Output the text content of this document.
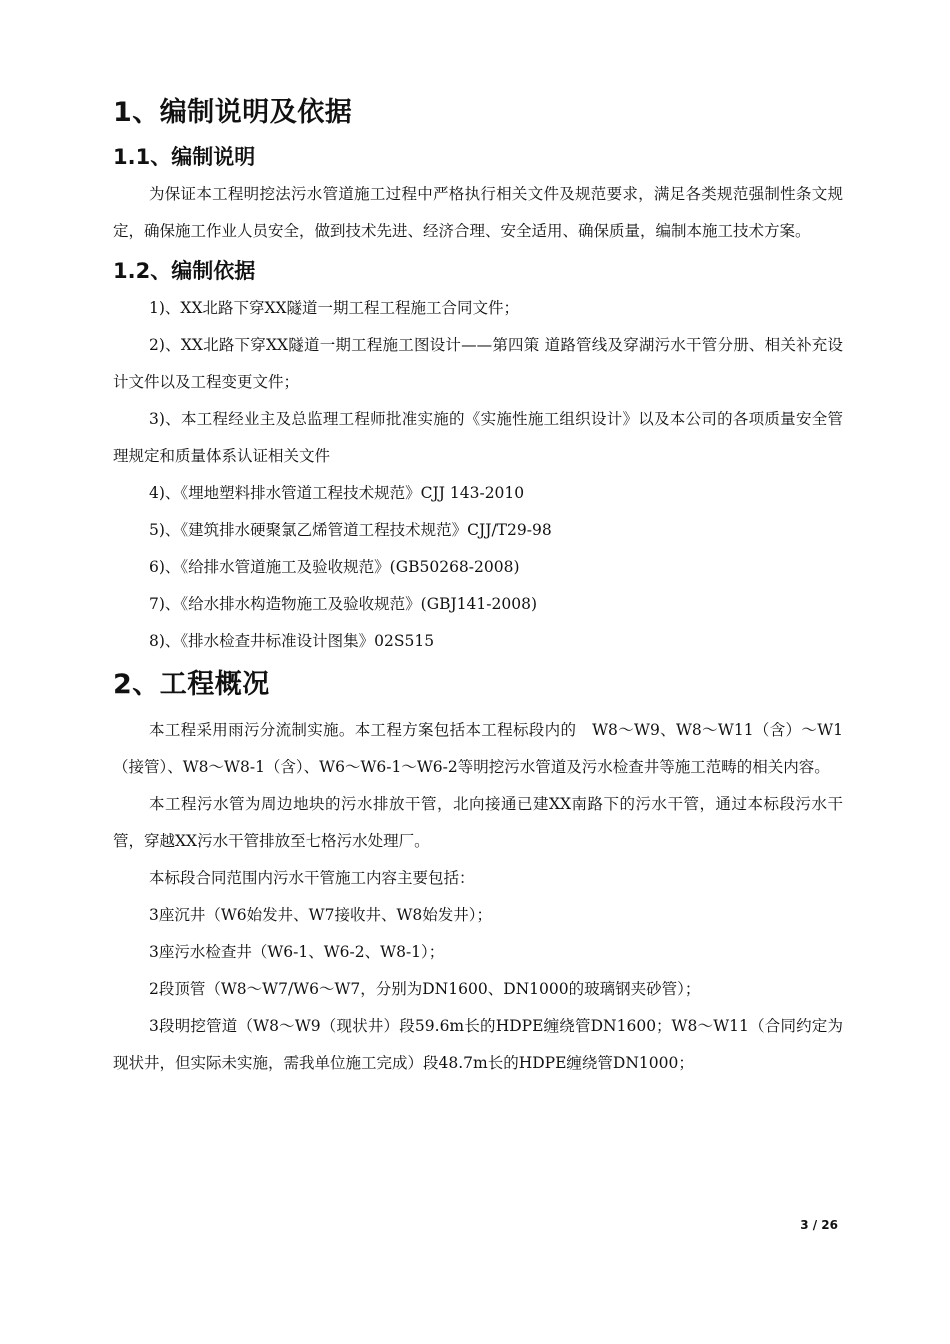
1、编制说明及依据
1.1、编制说明

为保证本工程明挖法污水管道施工过程中严格执行相关文件及规范要求，满足各类规范强制性条文规定，确保施工作业人员安全，做到技术先进、经济合理、安全适用、确保质量，编制本施工技术方案。

1.2、编制依据

1)、XX北路下穿XX隧道一期工程工程施工合同文件；

2)、XX北路下穿XX隧道一期工程施工图设计——第四策 道路管线及穿湖污水干管分册、相关补充设计文件以及工程变更文件；

3)、本工程经业主及总监理工程师批准实施的《实施性施工组织设计》以及本公司的各项质量安全管理规定和质量体系认证相关文件

4)、《埋地塑料排水管道工程技术规范》CJJ 143-2010

5)、《建筑排水硬聚氯乙烯管道工程技术规范》CJJ/T29-98

6)、《给排水管道施工及验收规范》(GB50268-2008)

7)、《给水排水构造物施工及验收规范》(GBJ141-2008)

8)、《排水检查井标准设计图集》02S515

2、工程概况

本工程采用雨污分流制实施。本工程方案包括本工程标段内的　W8～W9、W8～W11（含）～W1（接管）、W8～W8-1（含）、W6～W6-1～W6-2等明挖污水管道及污水检查井等施工范畴的相关内容。

本工程污水管为周边地块的污水排放干管，北向接通已建XX南路下的污水干管，通过本标段污水干管，穿越XX污水干管排放至七格污水处理厂。

本标段合同范围内污水干管施工内容主要包括：

3座沉井（W6始发井、W7接收井、W8始发井）；

3座污水检查井（W6-1、W6-2、W8-1）；

2段顶管（W8～W7/W6～W7，分别为DN1600、DN1000的玻璃钢夹砂管）；

3段明挖管道（W8～W9（现状井）段59.6m长的HDPE缠绕管DN1600；W8～W11（合同约定为现状井，但实际未实施，需我单位施工完成）段48.7m长的HDPE缠绕管DN1000；

3 / 26
